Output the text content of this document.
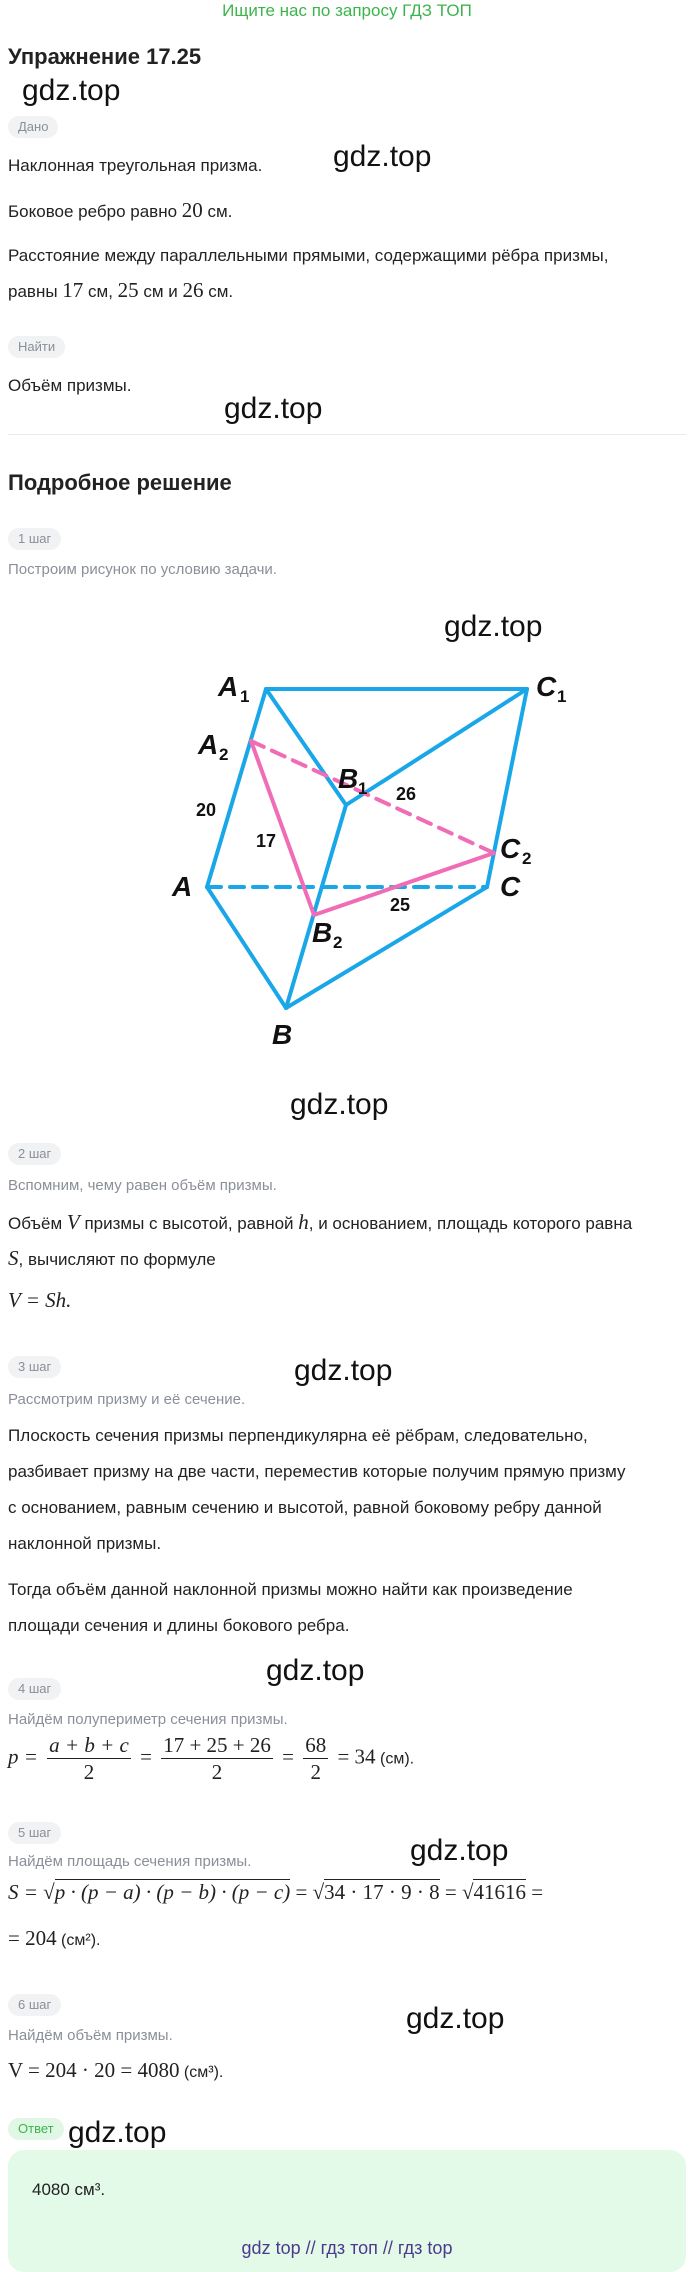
Ищите нас по запросу ГДЗ ТОП
Упражнение 17.25
gdz.top
gdz.top
Дано
Наклонная треугольная призма.
Боковое ребро равно 20 см.
Расстояние между параллельными прямыми, содержащими рёбра призмы,
равны 17 см, 25 см и 26 см.
Найти
Объём призмы.
gdz.top
Подробное решение
1 шаг
Построим рисунок по условию задачи.
gdz.top
A	C
A
B
C
A	C
B
B
1	1
2
1
2
2
20
17
26
25
gdz.top
2 шаг
Вспомним, чему равен объём призмы.
Объём V призмы с высотой, равной h, и основанием, площадь которого равна
S, вычисляют по формуле
V = Sh.
3 шаг	gdz.top
Рассмотрим призму и её сечение.
Плоскость сечения призмы перпендикулярна её рёбрам, следовательно,
разбивает призму на две части, переместив которые получим прямую призму
с основанием, равным сечению и высотой, равной боковому ребру данной
наклонной призмы.
Тогда объём данной наклонной призмы можно найти как произведение
площади сечения и длины бокового ребра.
4 шаг
gdz.top
Найдём полупериметр сечения призмы.
$p = \frac{a + b + c}{2} = \frac{17 + 25 + 26}{2} = \frac{68}{2} = 34$ (см).
5 шаг
gdz.top
Найдём площадь сечения призмы.
S = √p · (p − a) · (p − b) · (p − c) = √34 · 17 · 9 · 8 = √41616 =
= 204 (см²).
6 шаг	gdz.top
Найдём объём призмы.
V = 204 · 20 = 4080 (см³).
Ответ gdz.top
4080 см³.
gdz top // гдз топ // гдз top
